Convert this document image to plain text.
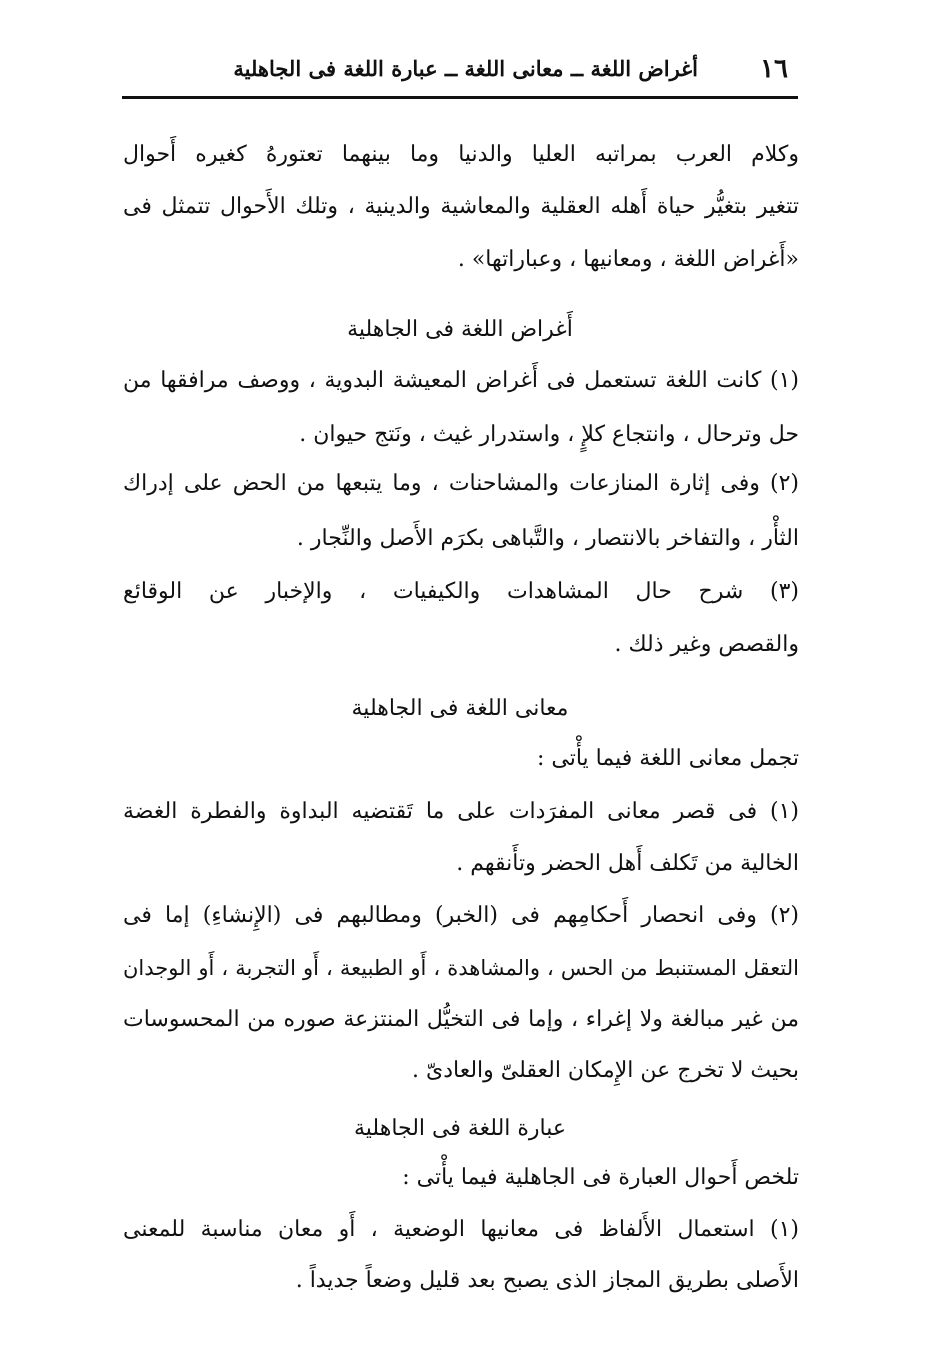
١٦
أغراض اللغة ــ معانى اللغة ــ عبارة اللغة فى الجاهلية
وكلام العرب بمراتبه العليا والدنيا وما بينهما تعتورهُ كغيره أَحوال
تتغير بتغيُّر حياة أَهله العقلية والمعاشية والدينية ، وتلك الأَحوال تتمثل فى
«أَغراض اللغة ، ومعانيها ، وعباراتها» .
أَغراض اللغة فى الجاهلية
(١) كانت اللغة تستعمل فى أَغراض المعيشة البدوية ، ووصف مرافقها من
حل وترحال ، وانتجاع كلإٍ ، واستدرار غيث ، ونَتج حيوان .
(٢) وفى إثارة المنازعات والمشاحنات ، وما يتبعها من الحض على إدراك
الثأْر ، والتفاخر بالانتصار ، والتَّباهى بكرَم الأَصل والنِّجار .
(٣) شرح حال المشاهدات والكيفيات ، والإخبار عن الوقائع
والقصص وغير ذلك .
معانى اللغة فى الجاهلية
تجمل معانى اللغة فيما يأْتى :
(١) فى قصر معانى المفرَدات على ما تَقتضيه البداوة والفطرة الغضة
الخالية من تَكلف أَهل الحضر وتأَنقهم .
(٢) وفى انحصار أَحكامِهم فى (الخبر) ومطالبهم فى (الإِنشاءِ) إما فى
التعقل المستنبط من الحس ، والمشاهدة ، أَو الطبيعة ، أَو التجربة ، أَو الوجدان
من غير مبالغة ولا إغراء ، وإما فى التخيُّل المنتزعة صوره من المحسوسات
بحيث لا تخرج عن الإِمكان العقلىّ والعادىّ .
عبارة اللغة فى الجاهلية
تلخص أَحوال العبارة فى الجاهلية فيما يأْتى :
(١) استعمال الأَلفاظ فى معانيها الوضعية ، أَو معان مناسبة للمعنى
الأَصلى بطريق المجاز الذى يصبح بعد قليل وضعاً جديداً .
